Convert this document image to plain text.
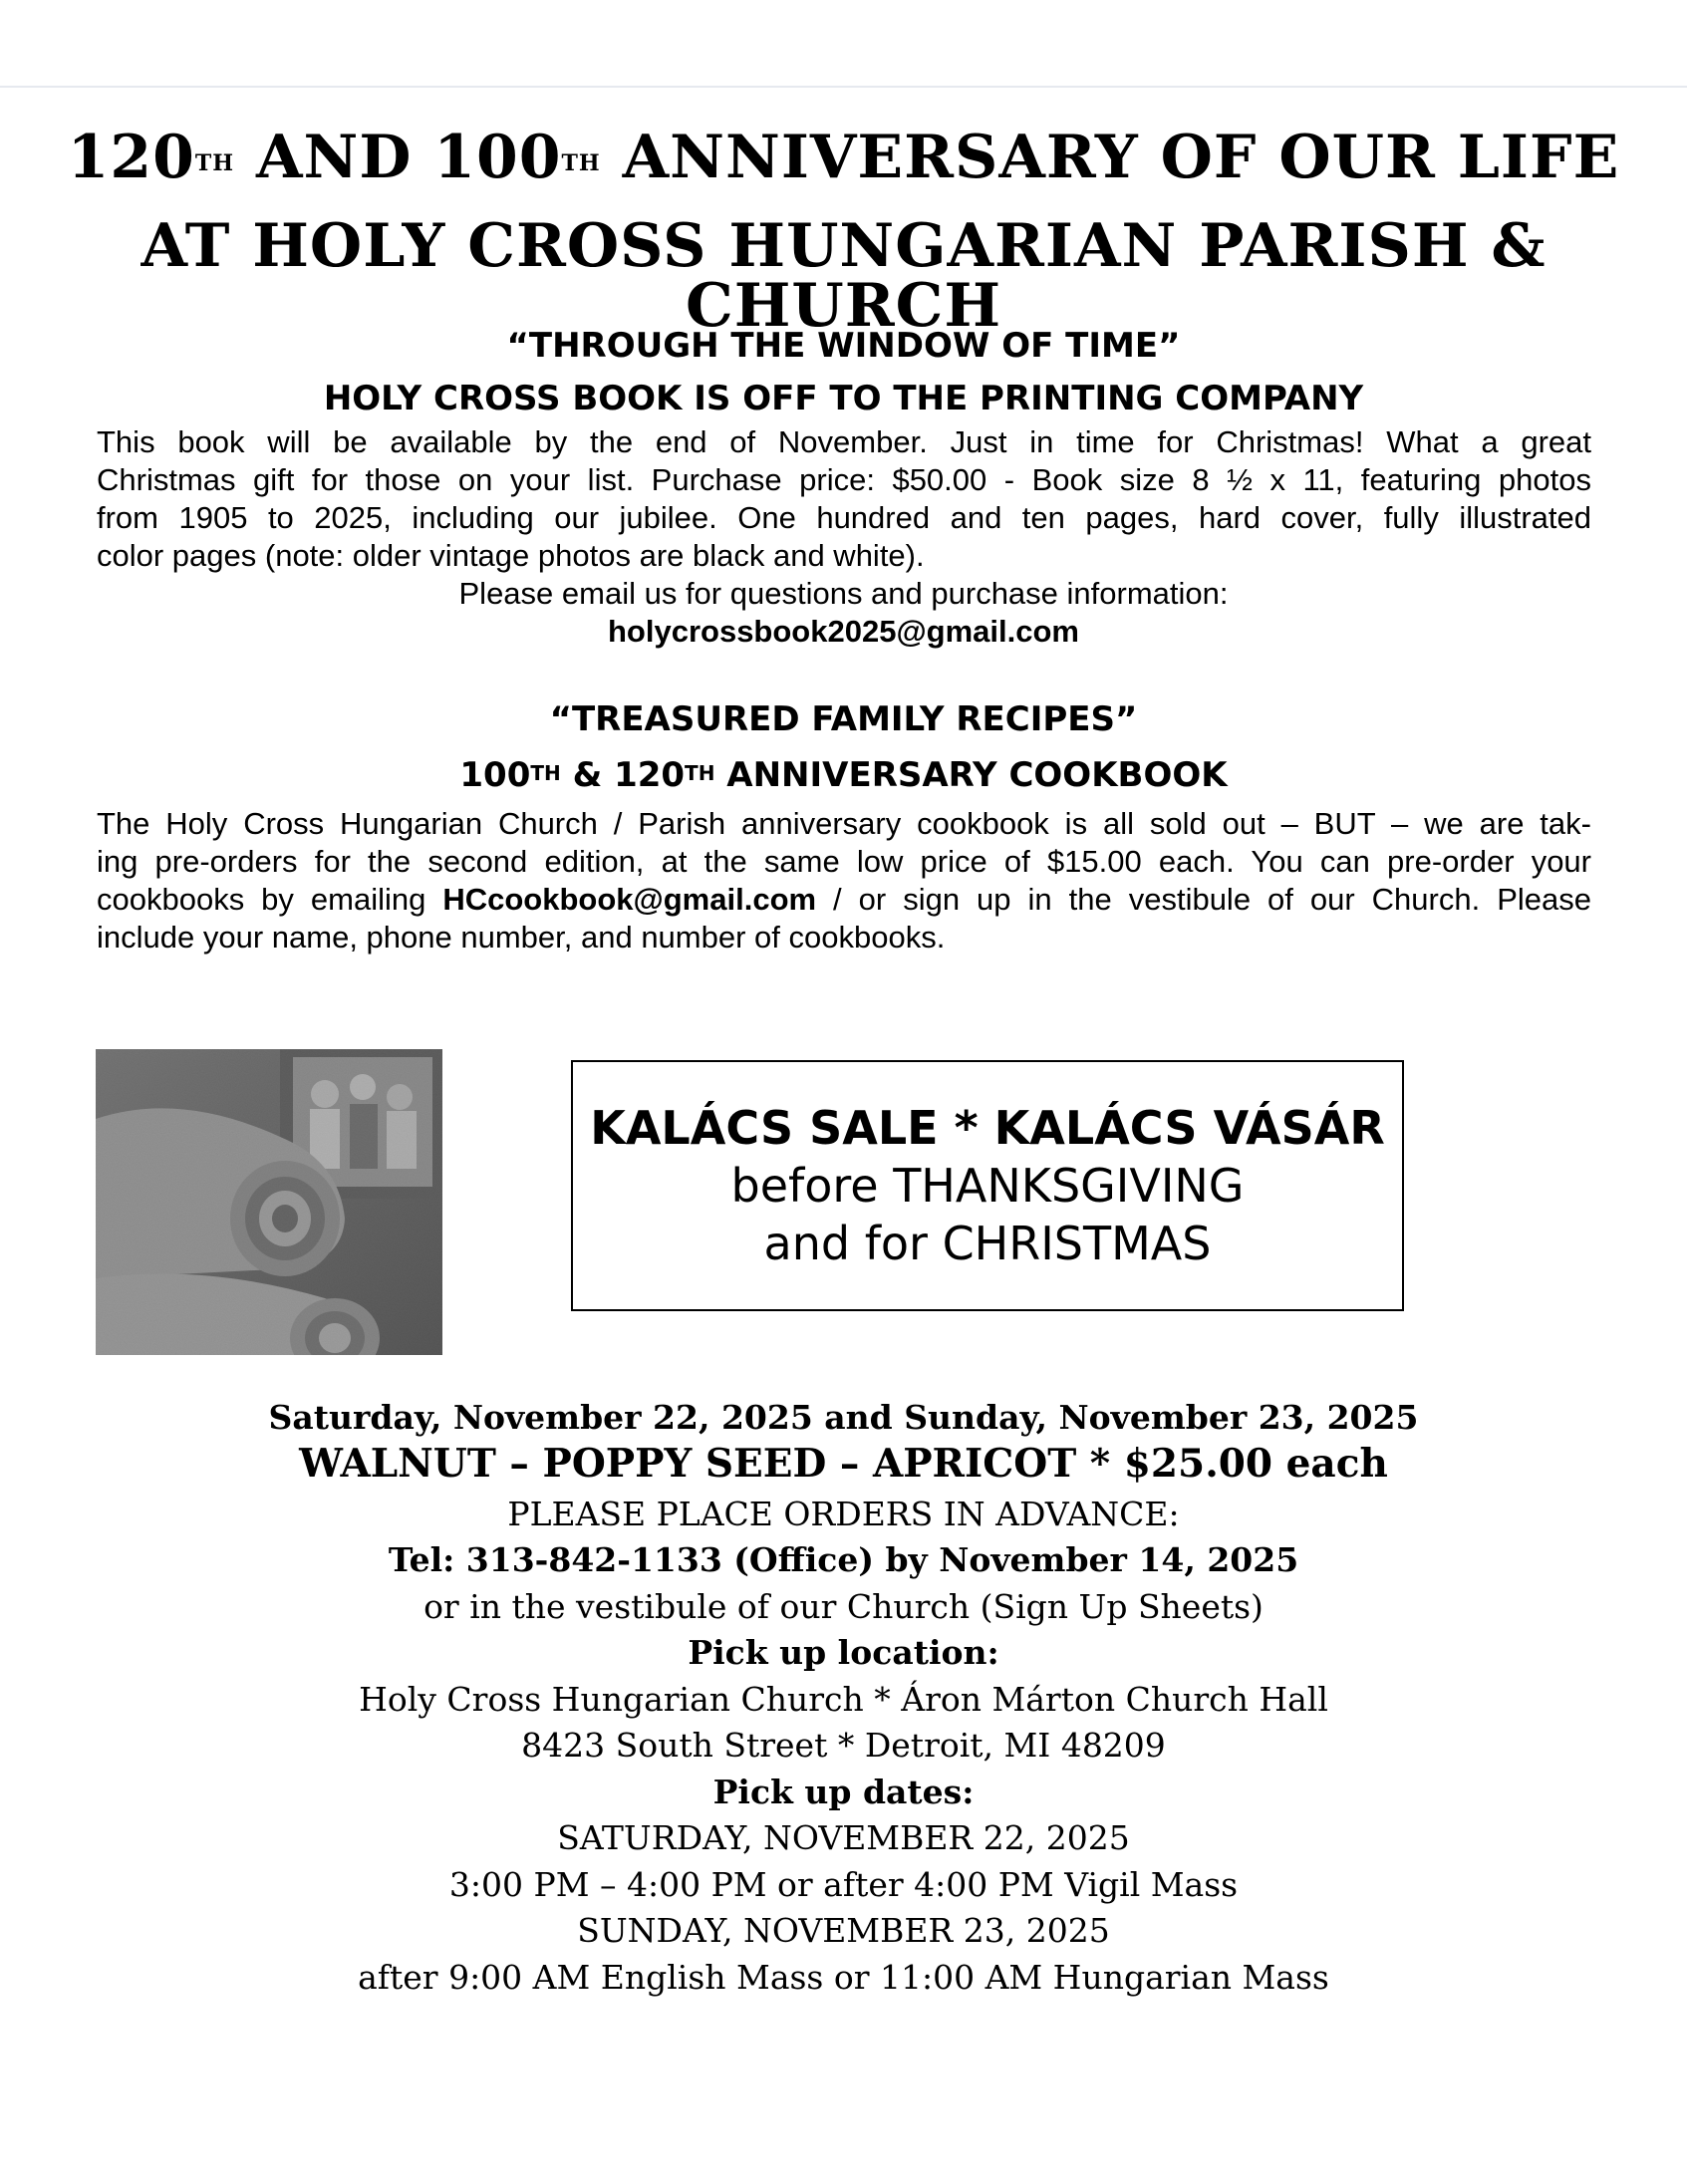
120TH AND 100TH ANNIVERSARY OF OUR LIFE
AT HOLY CROSS HUNGARIAN PARISH & CHURCH
“THROUGH THE WINDOW OF TIME”
HOLY CROSS BOOK IS OFF TO THE PRINTING COMPANY
This book will be available by the end of November. Just in time for Christmas! What a great
Christmas gift for those on your list. Purchase price: $50.00 - Book size 8 ½ x 11, featuring photos
from 1905 to 2025, including our jubilee. One hundred and ten pages, hard cover, fully illustrated
color pages (note: older vintage photos are black and white).
Please email us for questions and purchase information:
holycrossbook2025@gmail.com
“TREASURED FAMILY RECIPES”
100TH & 120TH ANNIVERSARY COOKBOOK
The Holy Cross Hungarian Church / Parish anniversary cookbook is all sold out – BUT – we are tak-
ing pre-orders for the second edition, at the same low price of $15.00 each. You can pre-order your
cookbooks by emailing HCcookbook@gmail.com / or sign up in the vestibule of our Church. Please
include your name, phone number, and number of cookbooks.
KALÁCS SALE * KALÁCS VÁSÁR
before THANKSGIVING
and for CHRISTMAS
Saturday, November 22, 2025 and Sunday, November 23, 2025
WALNUT – POPPY SEED – APRICOT * $25.00 each
PLEASE PLACE ORDERS IN ADVANCE:
Tel: 313-842-1133 (Office) by November 14, 2025
or in the vestibule of our Church (Sign Up Sheets)
Pick up location:
Holy Cross Hungarian Church * Áron Márton Church Hall
8423 South Street * Detroit, MI 48209
Pick up dates:
SATURDAY, NOVEMBER 22, 2025
3:00 PM – 4:00 PM or after 4:00 PM Vigil Mass
SUNDAY, NOVEMBER 23, 2025
after 9:00 AM English Mass or 11:00 AM Hungarian Mass
